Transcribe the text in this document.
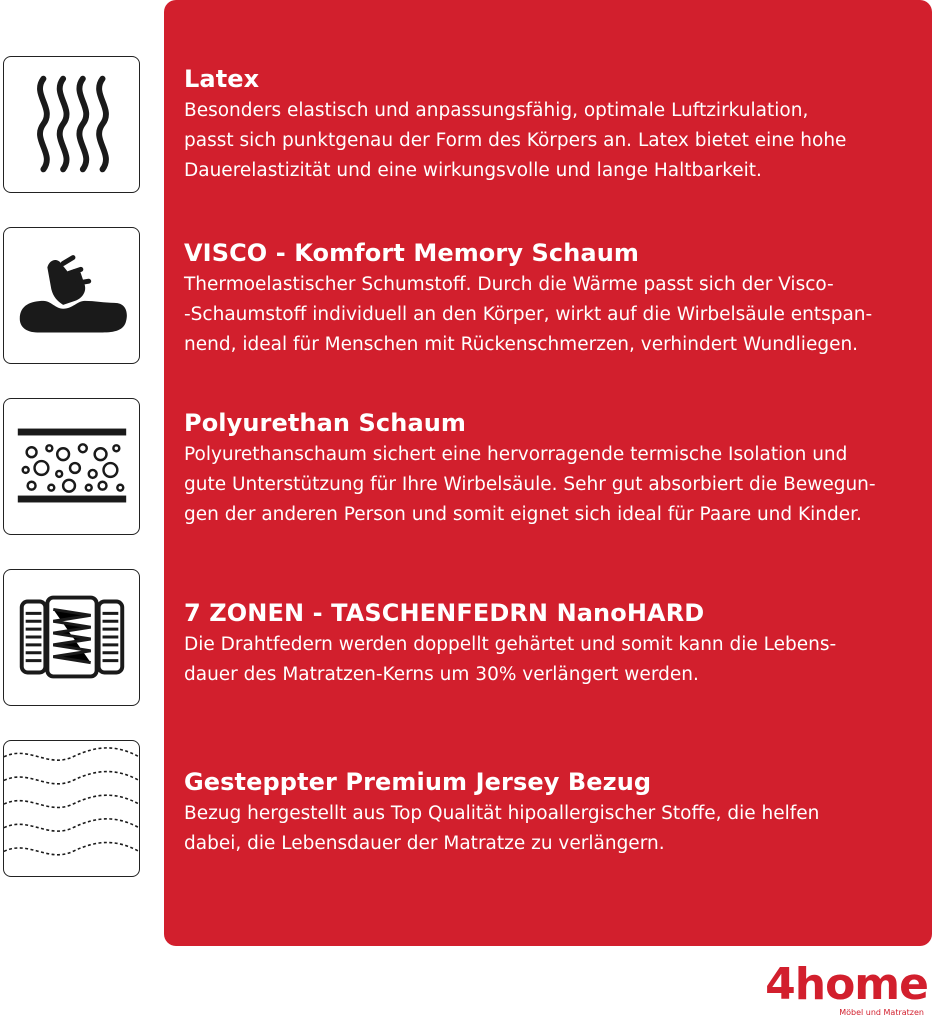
Latex

Besonders elastisch und anpassungsfähig, optimale Luftzirkulation,
passt sich punktgenau der Form des Körpers an. Latex bietet eine hohe
Dauerelastizität und eine wirkungsvolle und lange Haltbarkeit.

VISCO - Komfort Memory Schaum

Thermoelastischer Schumstoff. Durch die Wärme passt sich der Visco-
-Schaumstoff individuell an den Körper, wirkt auf die Wirbelsäule entspan-
nend, ideal für Menschen mit Rückenschmerzen, verhindert Wundliegen.

Polyurethan Schaum

Polyurethanschaum sichert eine hervorragende termische Isolation und
gute Unterstützung für Ihre Wirbelsäule. Sehr gut absorbiert die Bewegun-
gen der anderen Person und somit eignet sich ideal für Paare und Kinder.

7 ZONEN - TASCHENFEDRN NanoHARD

Die Drahtfedern werden doppellt gehärtet und somit kann die Lebens-
dauer des Matratzen-Kerns um 30% verlängert werden.

Gesteppter Premium Jersey Bezug

Bezug hergestellt aus Top Qualität hipoallergischer Stoffe, die helfen
dabei, die Lebensdauer der Matratze zu verlängern.

4home
Möbel und Matratzen
